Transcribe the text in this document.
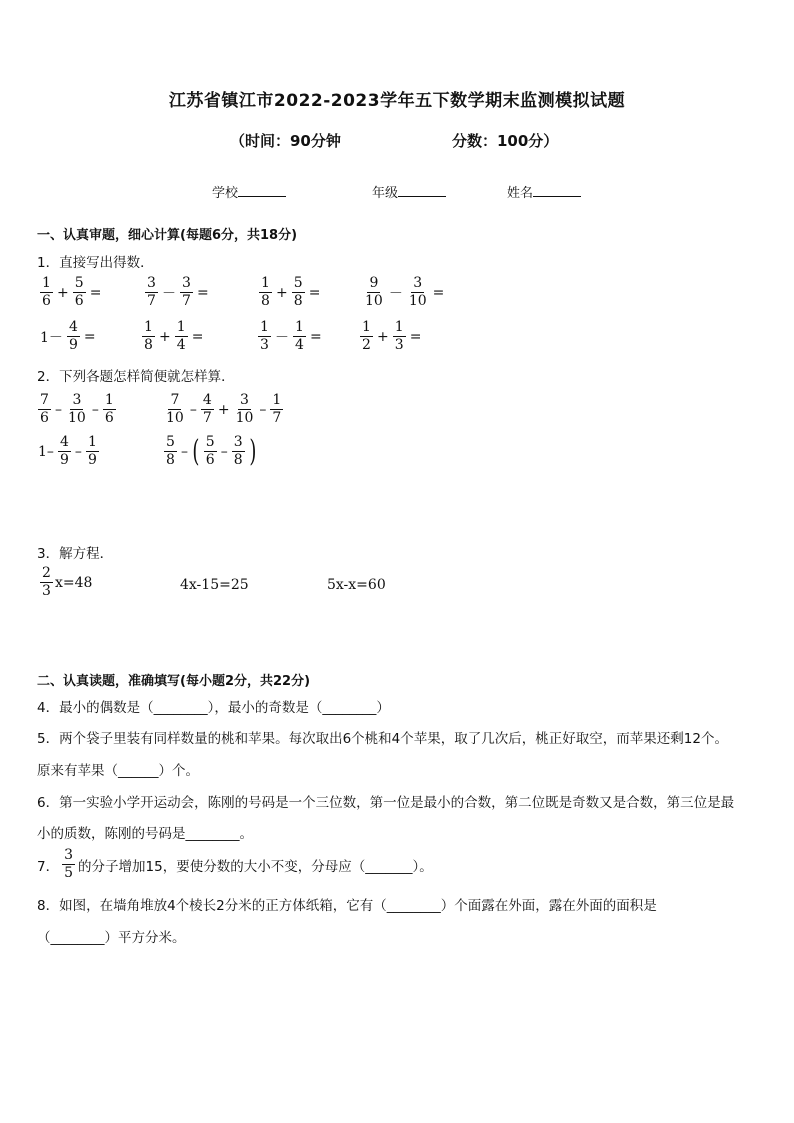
江苏省镇江市2022-2023学年五下数学期末监测模拟试题
（时间：90分钟	分数：100分）
学校	年级	姓名
一、认真审题，细心计算(每题6分，共18分)
1．直接写出得数．
$\frac{1}{6} + \frac{5}{6}$ =	$\frac{3}{7} - \frac{3}{7}$ =	$\frac{1}{8} + \frac{5}{8}$ =	$\frac{9}{10} - \frac{3}{10}$ =
$1- \frac{4}{9}$ =	$\frac{1}{8} + \frac{1}{4}$ =	$\frac{1}{3} - \frac{1}{4}$ =	$\frac{1}{2} + \frac{1}{3}$ =
2．下列各题怎样简便就怎样算．
$\frac{7}{6} - \frac{3}{10} - \frac{1}{6}$	$\frac{7}{10} - \frac{4}{7} + \frac{3}{10} - \frac{1}{7}$
$1- \frac{4}{9} - \frac{1}{9}$	$\frac{5}{8}$ – ( $\frac{5}{6} - \frac{3}{8}$ )
3．解方程．
$\frac{2}{3} x=48$	4x-15=25	5x-x=60
二、认真读题，准确填写(每小题2分，共22分)
4．最小的偶数是（________），最小的奇数是（________）
5．两个袋子里装有同样数量的桃和苹果。每次取出6个桃和4个苹果，取了几次后，桃正好取空，而苹果还剩12个。
原来有苹果（______）个。
6．第一实验小学开运动会，陈刚的号码是一个三位数，第一位是最小的合数，第二位既是奇数又是合数，第三位是最
小的质数，陈刚的号码是________。
7． $\frac{3}{5}$ 的分子增加15，要使分数的大小不变，分母应（_______）。
8．如图，在墙角堆放4个棱长2分米的正方体纸箱，它有（________）个面露在外面，露在外面的面积是
（________）平方分米。
